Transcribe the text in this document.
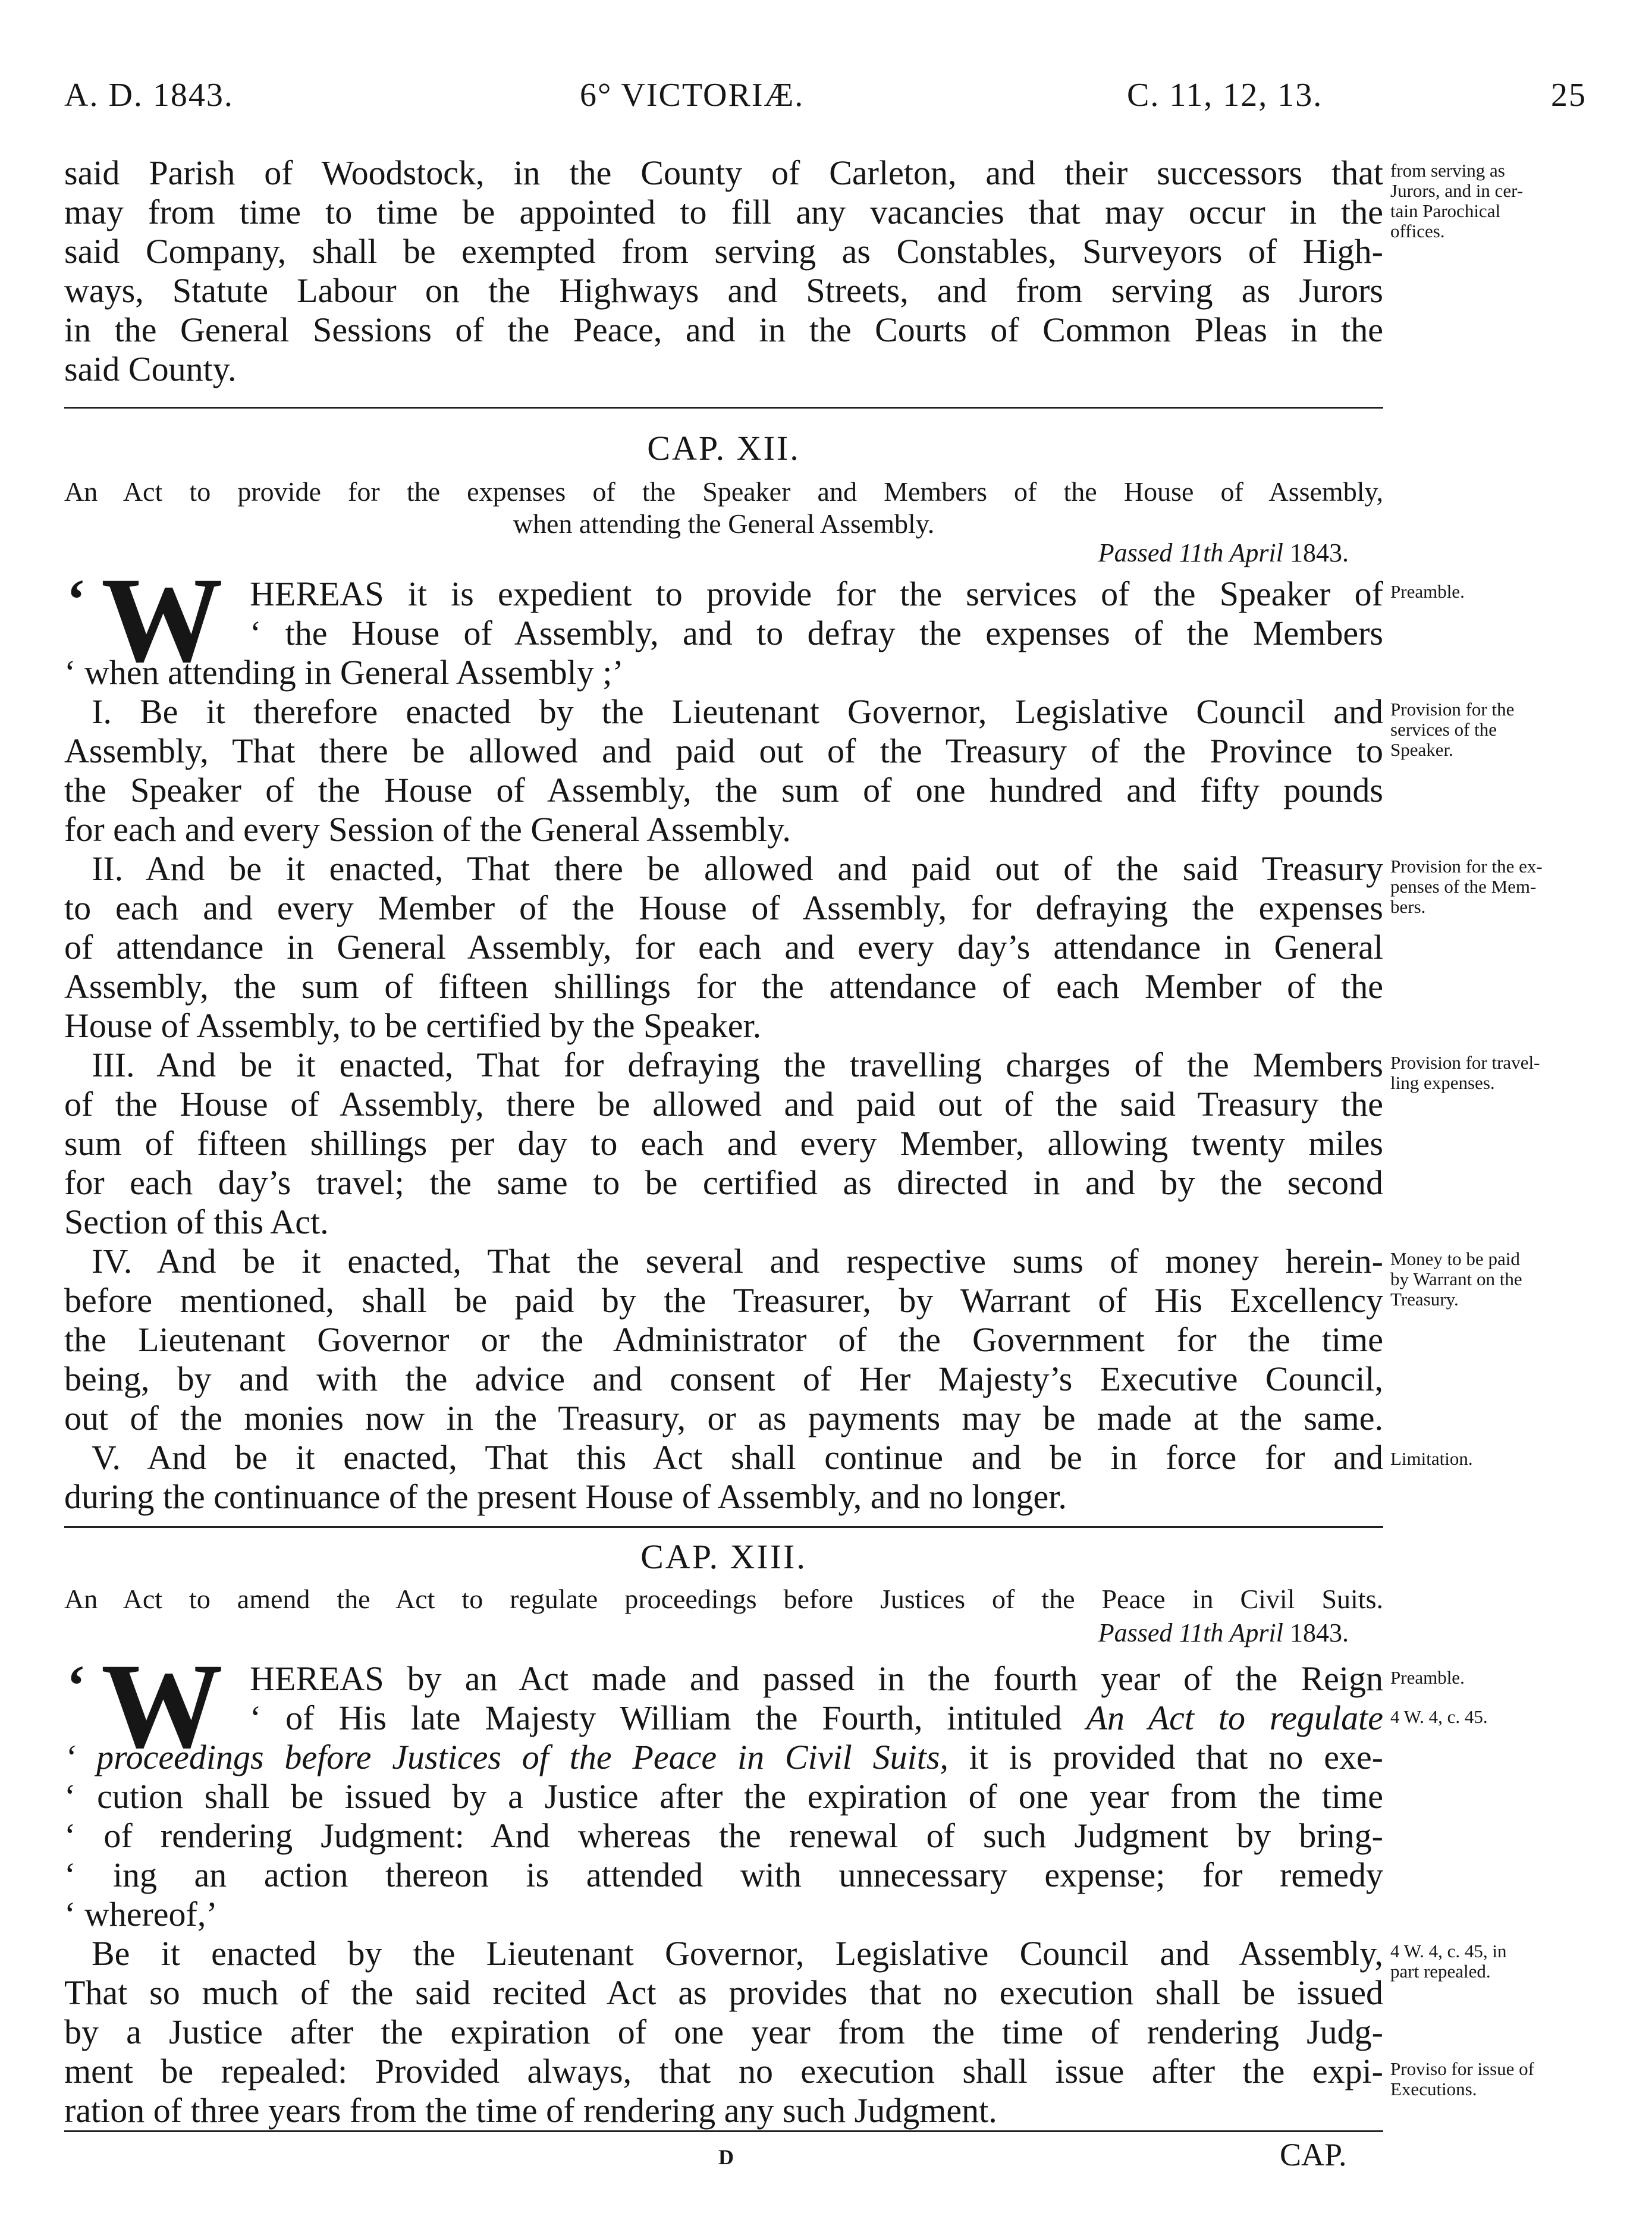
A. D. 1843.	6° VICTORIÆ.	C. 11, 12, 13.	25
said Parish of Woodstock, in the County of Carleton, and their successors that
may from time to time be appointed to fill any vacancies that may occur in the
said Company, shall be exempted from serving as Constables, Surveyors of High-
ways, Statute Labour on the Highways and Streets, and from serving as Jurors
in the General Sessions of the Peace, and in the Courts of Common Pleas in the
said County.
from serving as
Jurors, and in cer-
tain Parochical
offices.
CAP. XII.
An Act to provide for the expenses of the Speaker and Members of the House of Assembly,
when attending the General Assembly.
Passed 11th April 1843.
‘ W HEREAS it is expedient to provide for the services of the Speaker of
‘ the House of Assembly, and to defray the expenses of the Members
‘ when attending in General Assembly ;’
Preamble.
I. Be it therefore enacted by the Lieutenant Governor, Legislative Council and
Assembly, That there be allowed and paid out of the Treasury of the Province to
the Speaker of the House of Assembly, the sum of one hundred and fifty pounds
for each and every Session of the General Assembly.
Provision for the
services of the
Speaker.
II. And be it enacted, That there be allowed and paid out of the said Treasury
to each and every Member of the House of Assembly, for defraying the expenses
of attendance in General Assembly, for each and every day’s attendance in General
Assembly, the sum of fifteen shillings for the attendance of each Member of the
House of Assembly, to be certified by the Speaker.
Provision for the ex-
penses of the Mem-
bers.
III. And be it enacted, That for defraying the travelling charges of the Members
of the House of Assembly, there be allowed and paid out of the said Treasury the
sum of fifteen shillings per day to each and every Member, allowing twenty miles
for each day’s travel; the same to be certified as directed in and by the second
Section of this Act.
Provision for travel-
ling expenses.
IV. And be it enacted, That the several and respective sums of money herein-
before mentioned, shall be paid by the Treasurer, by Warrant of His Excellency
the Lieutenant Governor or the Administrator of the Government for the time
being, by and with the advice and consent of Her Majesty’s Executive Council,
out of the monies now in the Treasury, or as payments may be made at the same.
Money to be paid
by Warrant on the
Treasury.
V. And be it enacted, That this Act shall continue and be in force for and
during the continuance of the present House of Assembly, and no longer.
Limitation.
CAP. XIII.
An Act to amend the Act to regulate proceedings before Justices of the Peace in Civil Suits.
Passed 11th April 1843.
‘ W HEREAS by an Act made and passed in the fourth year of the Reign
‘ of His late Majesty William the Fourth, intituled An Act to regulate
‘ proceedings before Justices of the Peace in Civil Suits, it is provided that no exe-
‘ cution shall be issued by a Justice after the expiration of one year from the time
‘ of rendering Judgment: And whereas the renewal of such Judgment by bring-
‘ ing an action thereon is attended with unnecessary expense; for remedy
‘ whereof,’
Preamble.
4 W. 4, c. 45.
Be it enacted by the Lieutenant Governor, Legislative Council and Assembly,
That so much of the said recited Act as provides that no execution shall be issued
by a Justice after the expiration of one year from the time of rendering Judg-
ment be repealed: Provided always, that no execution shall issue after the expi-
ration of three years from the time of rendering any such Judgment.
4 W. 4, c. 45, in
part repealed.
Proviso for issue of
Executions.
D	CAP.
